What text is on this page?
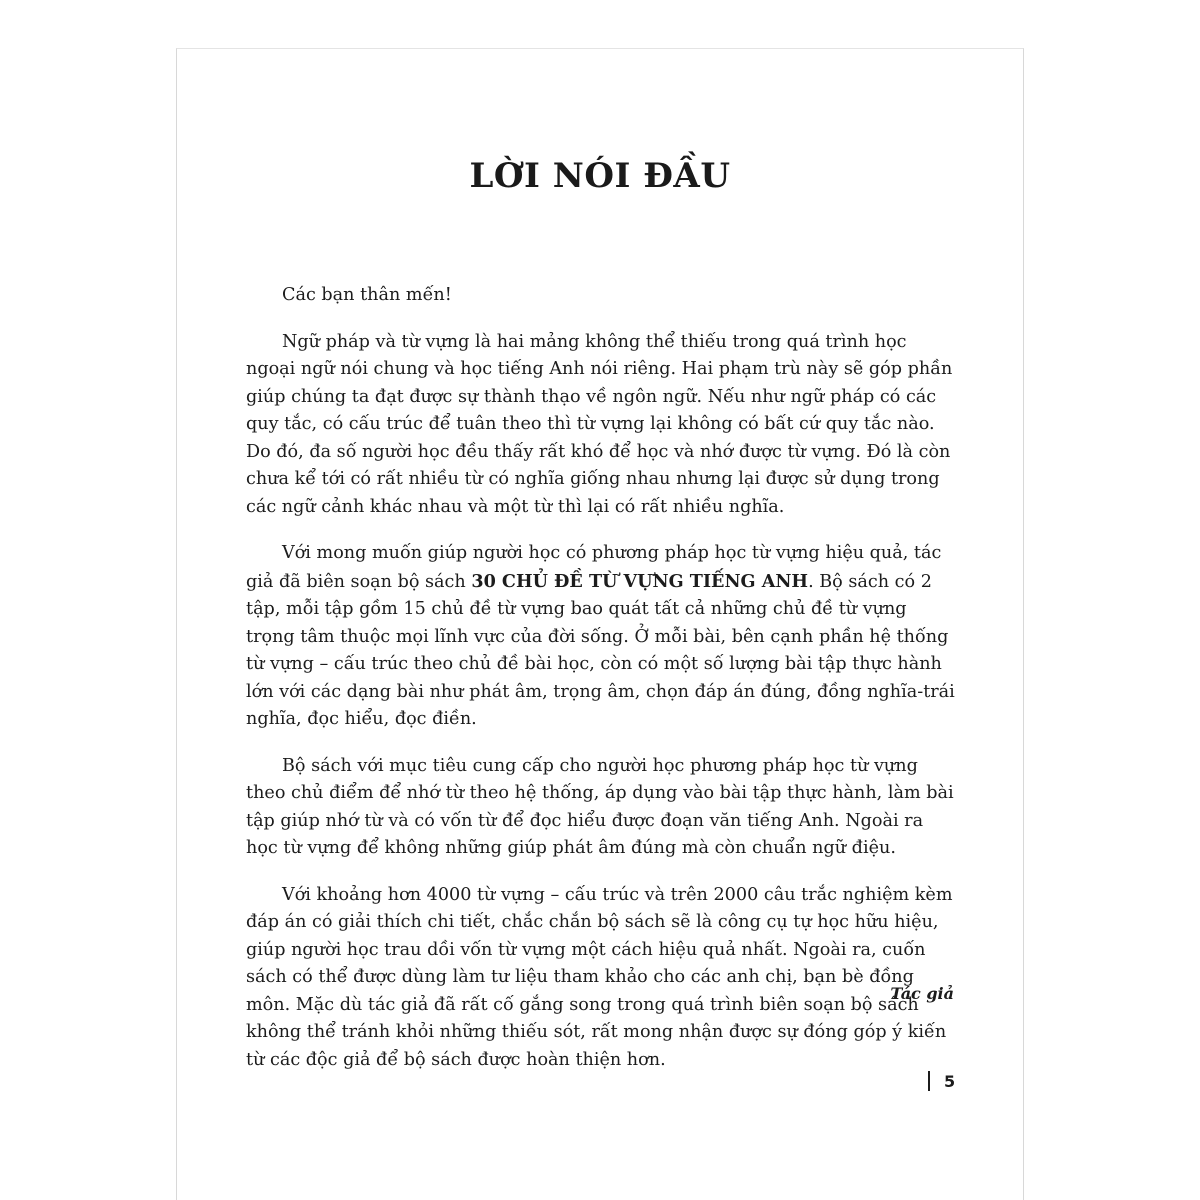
LỜI NÓI ĐẦU

Các bạn thân mến!

Ngữ pháp và từ vựng là hai mảng không thể thiếu trong quá trình học ngoại ngữ nói chung và học tiếng Anh nói riêng. Hai phạm trù này sẽ góp phần giúp chúng ta đạt được sự thành thạo về ngôn ngữ. Nếu như ngữ pháp có các quy tắc, có cấu trúc để tuân theo thì từ vựng lại không có bất cứ quy tắc nào. Do đó, đa số người học đều thấy rất khó để học và nhớ được từ vựng. Đó là còn chưa kể tới có rất nhiều từ có nghĩa giống nhau nhưng lại được sử dụng trong các ngữ cảnh khác nhau và một từ thì lại có rất nhiều nghĩa.

Với mong muốn giúp người học có phương pháp học từ vựng hiệu quả, tác giả đã biên soạn bộ sách 30 CHỦ ĐỀ TỪ VỰNG TIẾNG ANH. Bộ sách có 2 tập, mỗi tập gồm 15 chủ đề từ vựng bao quát tất cả những chủ đề từ vựng trọng tâm thuộc mọi lĩnh vực của đời sống. Ở mỗi bài, bên cạnh phần hệ thống từ vựng – cấu trúc theo chủ đề bài học, còn có một số lượng bài tập thực hành lớn với các dạng bài như phát âm, trọng âm, chọn đáp án đúng, đồng nghĩa-trái nghĩa, đọc hiểu, đọc điền.

Bộ sách với mục tiêu cung cấp cho người học phương pháp học từ vựng theo chủ điểm để nhớ từ theo hệ thống, áp dụng vào bài tập thực hành, làm bài tập giúp nhớ từ và có vốn từ để đọc hiểu được đoạn văn tiếng Anh. Ngoài ra học từ vựng để không những giúp phát âm đúng mà còn chuẩn ngữ điệu.

Với khoảng hơn 4000 từ vựng – cấu trúc và trên 2000 câu trắc nghiệm kèm đáp án có giải thích chi tiết, chắc chắn bộ sách sẽ là công cụ tự học hữu hiệu, giúp người học trau dồi vốn từ vựng một cách hiệu quả nhất. Ngoài ra, cuốn sách có thể được dùng làm tư liệu tham khảo cho các anh chị, bạn bè đồng môn. Mặc dù tác giả đã rất cố gắng song trong quá trình biên soạn bộ sách không thể tránh khỏi những thiếu sót, rất mong nhận được sự đóng góp ý kiến từ các độc giả để bộ sách được hoàn thiện hơn.

Tác giả
5
